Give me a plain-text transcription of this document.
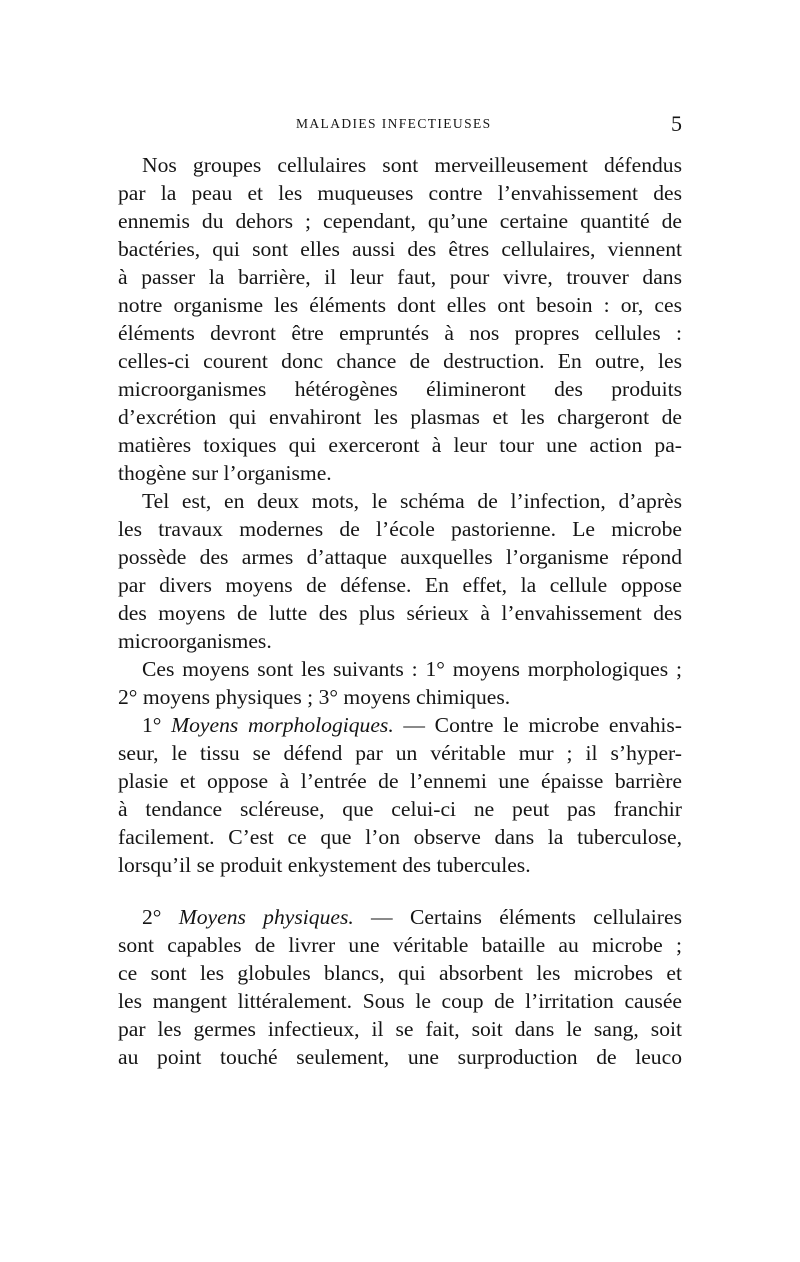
MALADIES INFECTIEUSES	5
Nos groupes cellulaires sont merveilleusement défendus
par la peau et les muqueuses contre l’envahissement des
ennemis du dehors ; cependant, qu’une certaine quantité de
bactéries, qui sont elles aussi des êtres cellulaires, viennent
à passer la barrière, il leur faut, pour vivre, trouver dans
notre organisme les éléments dont elles ont besoin : or, ces
éléments devront être empruntés à nos propres cellules :
celles-ci courent donc chance de destruction. En outre, les
microorganismes hétérogènes élimineront des produits
d’excrétion qui envahiront les plasmas et les chargeront de
matières toxiques qui exerceront à leur tour une action pa-
thogène sur l’organisme.
Tel est, en deux mots, le schéma de l’infection, d’après
les travaux modernes de l’école pastorienne. Le microbe
possède des armes d’attaque auxquelles l’organisme répond
par divers moyens de défense. En effet, la cellule oppose
des moyens de lutte des plus sérieux à l’envahissement des
microorganismes.
Ces moyens sont les suivants : 1° moyens morphologiques ;
2° moyens physiques ; 3° moyens chimiques.
1° Moyens morphologiques. — Contre le microbe envahis-
seur, le tissu se défend par un véritable mur ; il s’hyper-
plasie et oppose à l’entrée de l’ennemi une épaisse barrière
à tendance scléreuse, que celui-ci ne peut pas franchir
facilement. C’est ce que l’on observe dans la tuberculose,
lorsqu’il se produit enkystement des tubercules.
2° Moyens physiques. — Certains éléments cellulaires
sont capables de livrer une véritable bataille au microbe ;
ce sont les globules blancs, qui absorbent les microbes et
les mangent littéralement. Sous le coup de l’irritation causée
par les germes infectieux, il se fait, soit dans le sang, soit
au point touché seulement, une surproduction de leuco
